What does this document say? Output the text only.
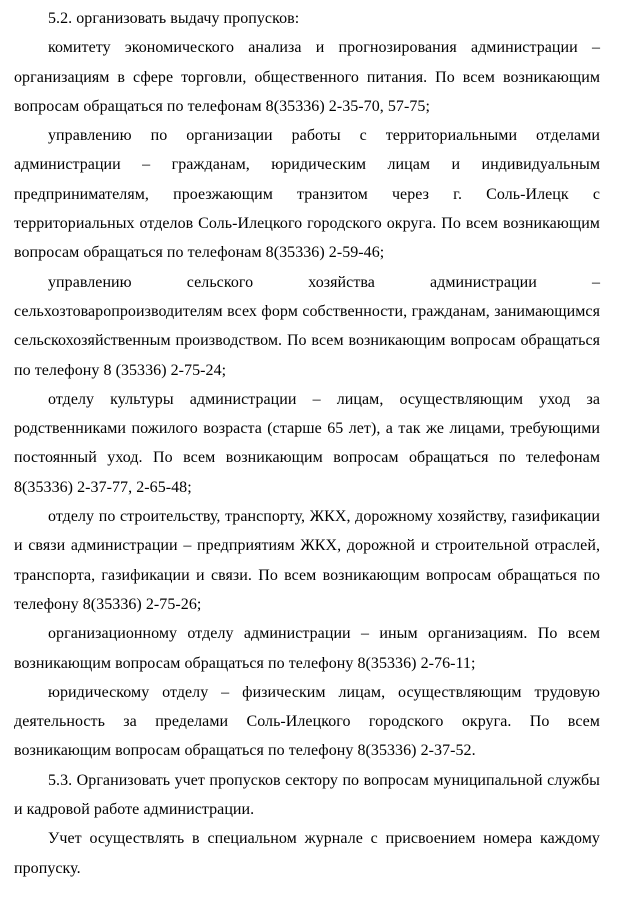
5.2. организовать выдачу пропусков:

комитету экономического анализа и прогнозирования администрации – организациям в сфере торговли, общественного питания. По всем возникающим вопросам обращаться по телефонам 8(35336) 2-35-70, 57-75;

управлению по организации работы с территориальными отделами администрации – гражданам, юридическим лицам и индивидуальным предпринимателям, проезжающим транзитом через г. Соль-Илецк с территориальных отделов Соль-Илецкого городского округа. По всем возникающим вопросам обращаться по телефонам 8(35336) 2-59-46;

управлению сельского хозяйства администрации – сельхозтоваропроизводителям всех форм собственности, гражданам, занимающимся сельскохозяйственным производством. По всем возникающим вопросам обращаться по телефону 8 (35336) 2-75-24;

отделу культуры администрации – лицам, осуществляющим уход за родственниками пожилого возраста (старше 65 лет), а так же лицами, требующими постоянный уход. По всем возникающим вопросам обращаться по телефонам 8(35336) 2-37-77, 2-65-48;

отделу по строительству, транспорту, ЖКХ, дорожному хозяйству, газификации и связи администрации – предприятиям ЖКХ, дорожной и строительной отраслей, транспорта, газификации и связи. По всем возникающим вопросам обращаться по телефону 8(35336) 2-75-26;

организационному отделу администрации – иным организациям. По всем возникающим вопросам обращаться по телефону 8(35336) 2-76-11;

юридическому отделу – физическим лицам, осуществляющим трудовую деятельность за пределами Соль-Илецкого городского округа. По всем возникающим вопросам обращаться по телефону 8(35336) 2-37-52.

5.3. Организовать учет пропусков сектору по вопросам муниципальной службы и кадровой работе администрации.

Учет осуществлять в специальном журнале с присвоением номера каждому пропуску.
